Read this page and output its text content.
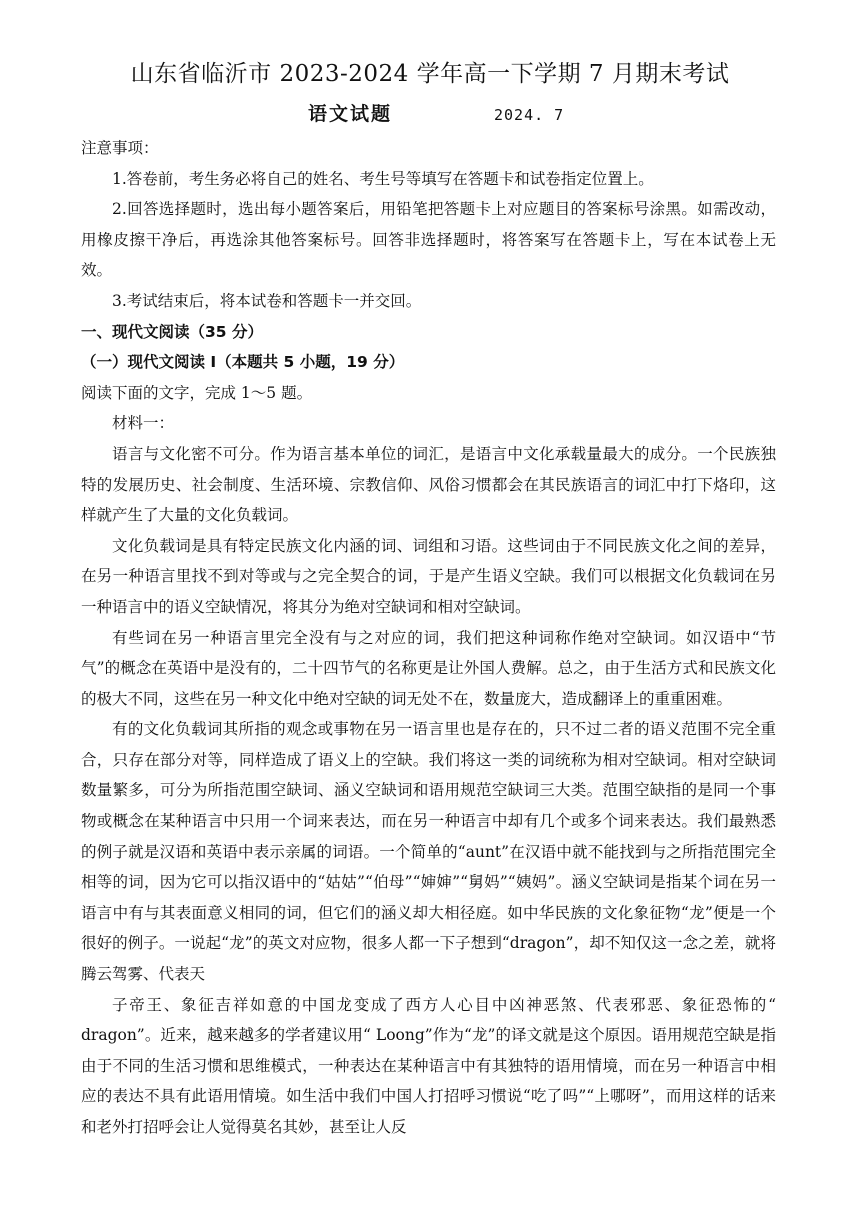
山东省临沂市 2023-2024 学年高一下学期 7 月期末考试
语文试题	2024. 7

注意事项：

1.答卷前，考生务必将自己的姓名、考生号等填写在答题卡和试卷指定位置上。

2.回答选择题时，选出每小题答案后，用铅笔把答题卡上对应题目的答案标号涂黑。如需改动，用橡皮擦干净后，再选涂其他答案标号。回答非选择题时，将答案写在答题卡上，写在本试卷上无效。

3.考试结束后，将本试卷和答题卡一并交回。

一、现代文阅读（35 分）

（一）现代文阅读 I（本题共 5 小题，19 分）

阅读下面的文字，完成 1～5 题。

材料一：

语言与文化密不可分。作为语言基本单位的词汇，是语言中文化承载量最大的成分。一个民族独特的发展历史、社会制度、生活环境、宗教信仰、风俗习惯都会在其民族语言的词汇中打下烙印，这样就产生了大量的文化负载词。

文化负载词是具有特定民族文化内涵的词、词组和习语。这些词由于不同民族文化之间的差异，在另一种语言里找不到对等或与之完全契合的词，于是产生语义空缺。我们可以根据文化负载词在另一种语言中的语义空缺情况，将其分为绝对空缺词和相对空缺词。

有些词在另一种语言里完全没有与之对应的词，我们把这种词称作绝对空缺词。如汉语中“节气”的概念在英语中是没有的，二十四节气的名称更是让外国人费解。总之，由于生活方式和民族文化的极大不同，这些在另一种文化中绝对空缺的词无处不在，数量庞大，造成翻译上的重重困难。

有的文化负载词其所指的观念或事物在另一语言里也是存在的，只不过二者的语义范围不完全重合，只存在部分对等，同样造成了语义上的空缺。我们将这一类的词统称为相对空缺词。相对空缺词数量繁多，可分为所指范围空缺词、涵义空缺词和语用规范空缺词三大类。范围空缺指的是同一个事物或概念在某种语言中只用一个词来表达，而在另一种语言中却有几个或多个词来表达。我们最熟悉的例子就是汉语和英语中表示亲属的词语。一个简单的“aunt”在汉语中就不能找到与之所指范围完全相等的词，因为它可以指汉语中的“姑姑”“伯母”“婶婶”“舅妈”“姨妈”。涵义空缺词是指某个词在另一语言中有与其表面意义相同的词，但它们的涵义却大相径庭。如中华民族的文化象征物“龙”便是一个很好的例子。一说起“龙”的英文对应物，很多人都一下子想到“dragon”，却不知仅这一念之差，就将腾云驾雾、代表天

子帝王、象征吉祥如意的中国龙变成了西方人心目中凶神恶煞、代表邪恶、象征恐怖的“ dragon”。近来，越来越多的学者建议用“ Loong”作为“龙”的译文就是这个原因。语用规范空缺是指由于不同的生活习惯和思维模式，一种表达在某种语言中有其独特的语用情境，而在另一种语言中相应的表达不具有此语用情境。如生活中我们中国人打招呼习惯说“吃了吗”“上哪呀”，而用这样的话来和老外打招呼会让人觉得莫名其妙，甚至让人反
